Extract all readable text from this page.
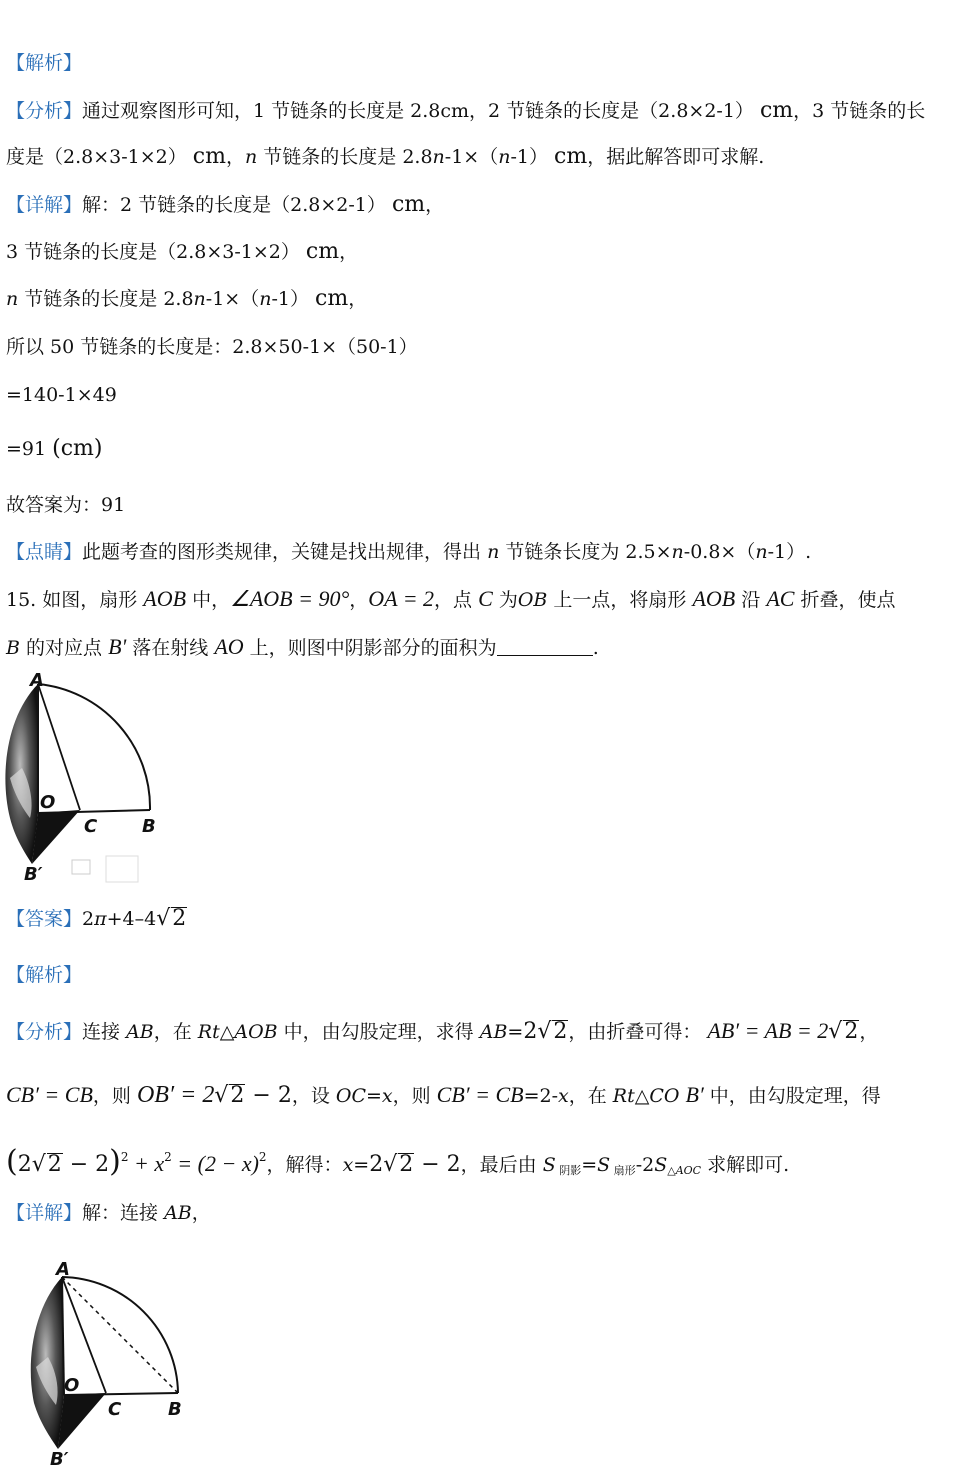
【解析】
【分析】通过观察图形可知，1 节链条的长度是 2.8cm，2 节链条的长度是（2.8×2-1） cm，3 节链条的长
度是（2.8×3-1×2） cm，n 节链条的长度是 2.8n-1×（n-1） cm，据此解答即可求解.
【详解】解：2 节链条的长度是（2.8×2-1） cm，
3 节链条的长度是（2.8×3-1×2） cm，
n 节链条的长度是 2.8n-1×（n-1） cm，
所以 50 节链条的长度是：2.8×50-1×（50-1）
=140-1×49
=91 (cm)
故答案为：91
【点睛】此题考查的图形类规律，关键是找出规律，得出 n 节链条长度为 2.5×n-0.8×（n-1）.
15. 如图，扇形 AOB 中，∠AOB = 90°，OA = 2，点 C 为OB 上一点，将扇形 AOB 沿 AC 折叠，使点
B 的对应点 B' 落在射线 AO 上，则图中阴影部分的面积为	.
A
O
C B
B′
【答案】2π+4–4√2
【解析】
【分析】连接 AB，在 Rt△AOB 中，由勾股定理，求得 AB=2√2，由折叠可得： AB′ = AB = 2√2，
CB′ = CB，则 OB′ = 2√2 − 2，设 OC=x，则 CB′ = CB=2-x，在 Rt△CO B′ 中，由勾股定理，得
$(2√2 - 2)^2 + x^2 = (2 - x)^2$，解得：x=2√2 − 2，最后由 S $_{阴影}$=S $_{扇形}-2S_{\triangle AOC}$ 求解即可.
【详解】解：连接 AB，
A
O
C	B
B′
